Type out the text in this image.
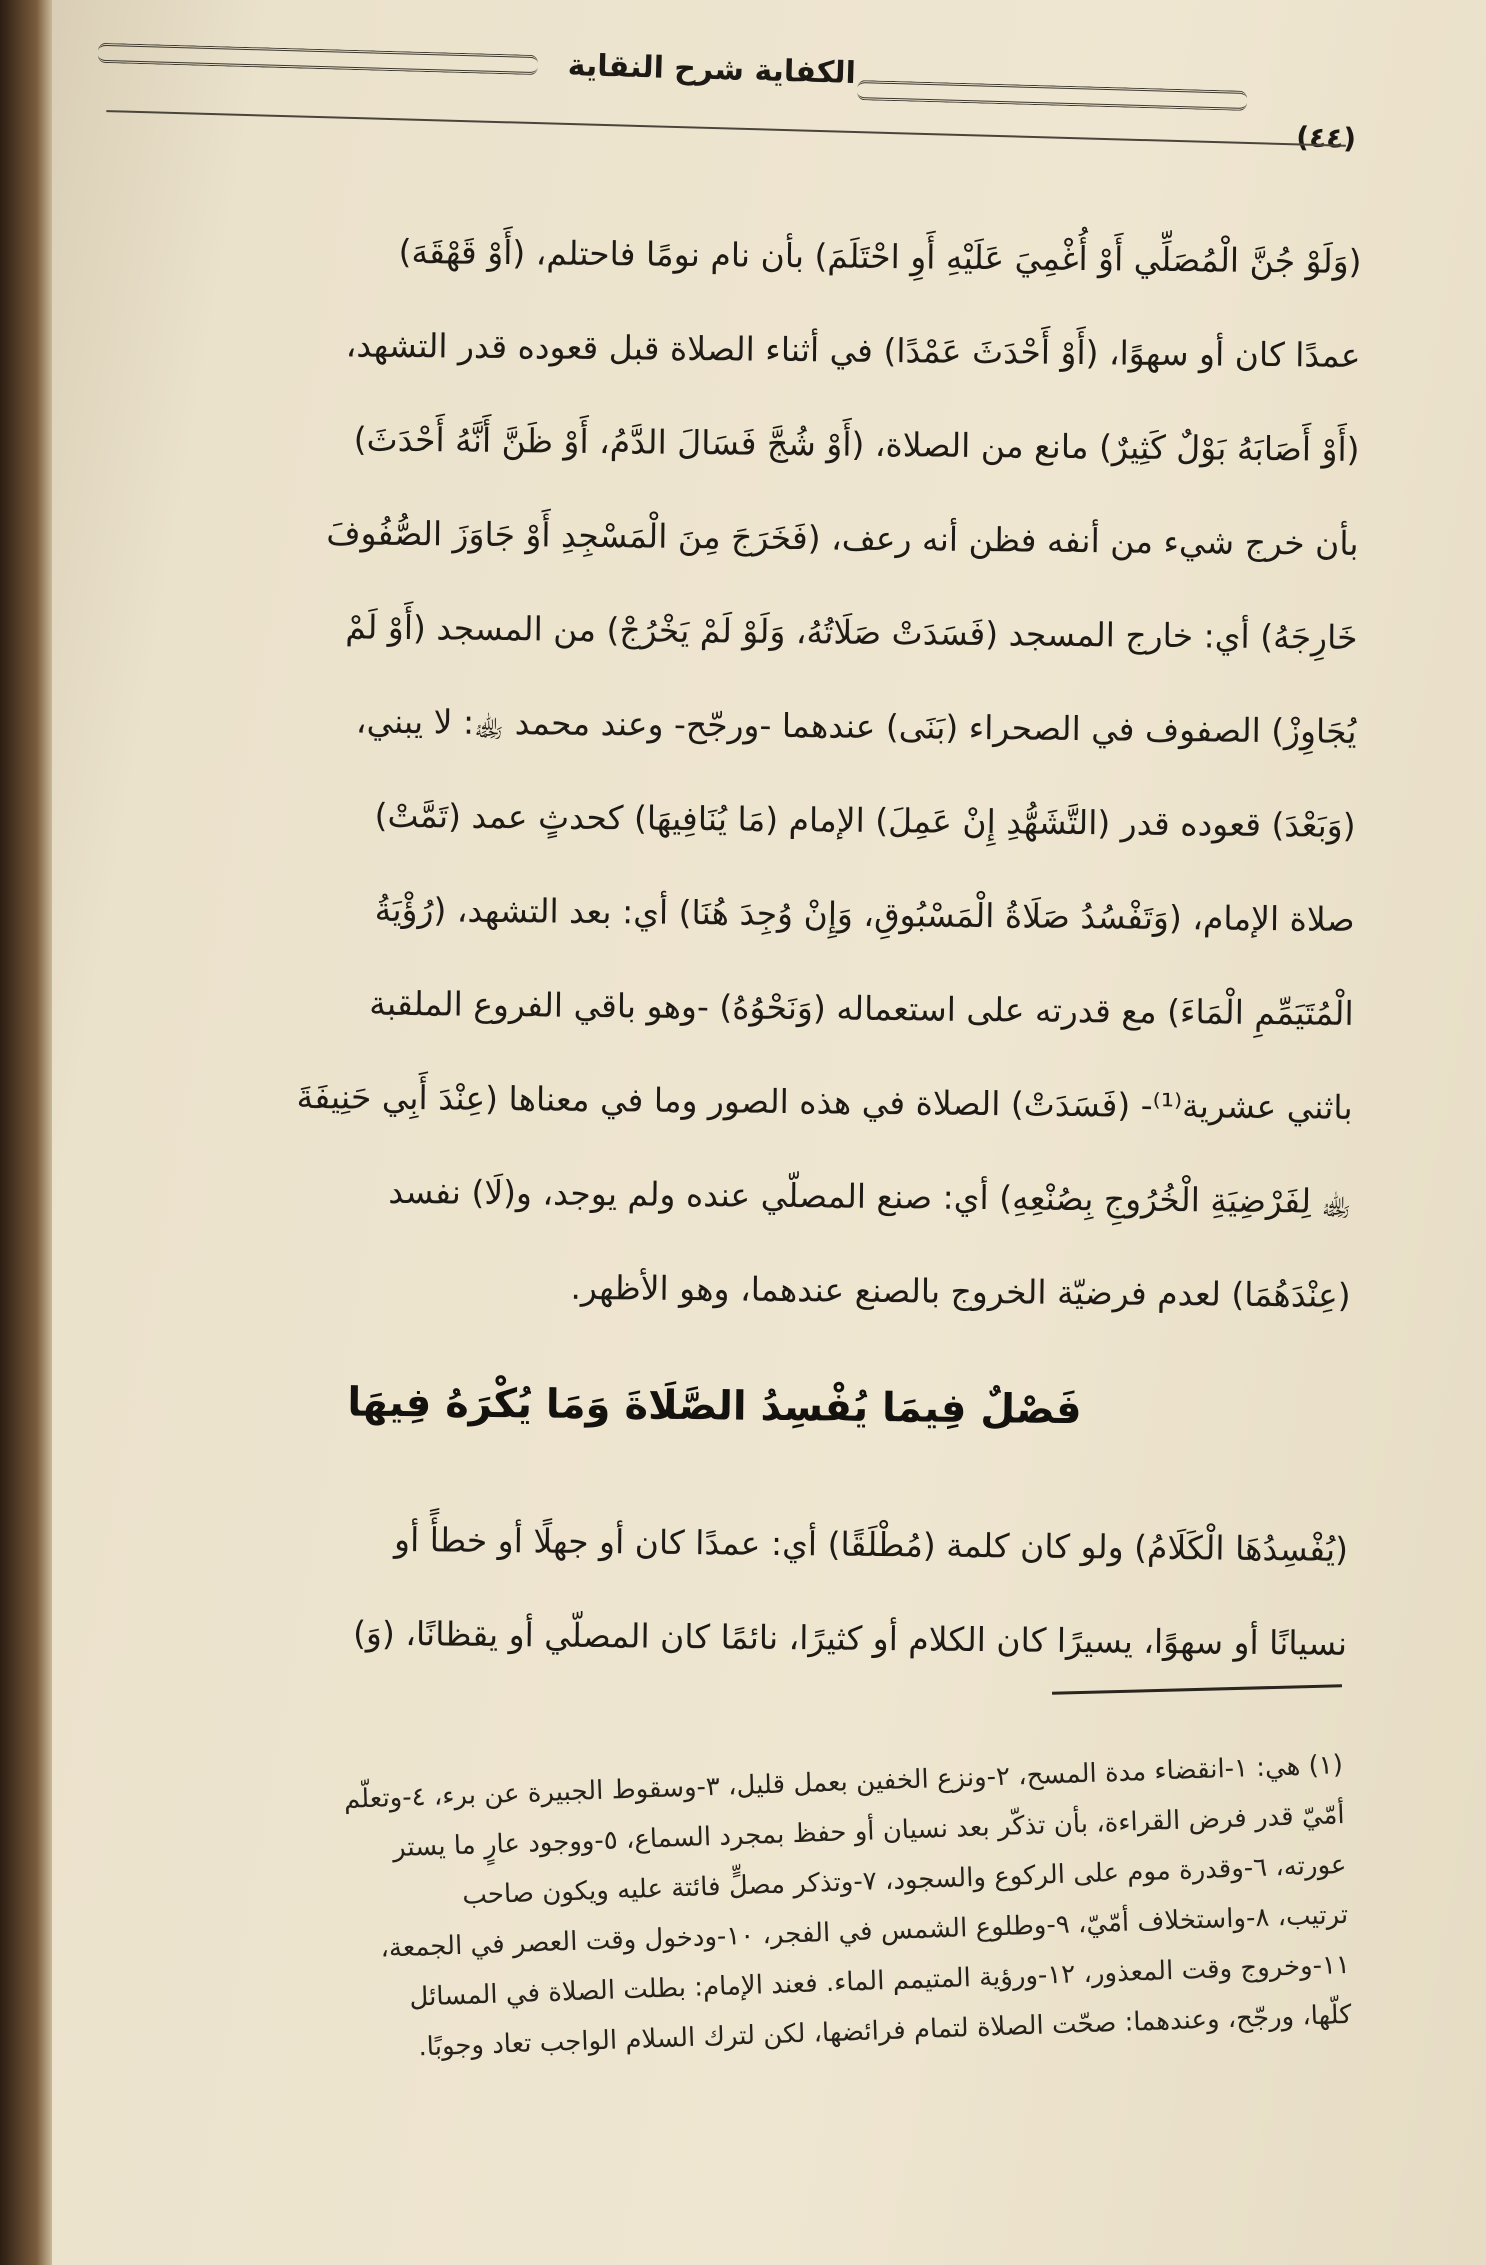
الكفاية شرح النقاية
(٤٤)
(وَلَوْ جُنَّ الْمُصَلِّي أَوْ أُغْمِيَ عَلَيْهِ أَوِ احْتَلَمَ) بأن نام نومًا فاحتلم، (أَوْ قَهْقَهَ)
عمدًا كان أو سهوًا، (أَوْ أَحْدَثَ عَمْدًا) في أثناء الصلاة قبل قعوده قدر التشهد،
(أَوْ أَصَابَهُ بَوْلٌ كَثِيرٌ) مانع من الصلاة، (أَوْ شُجَّ فَسَالَ الدَّمُ، أَوْ ظَنَّ أَنَّهُ أَحْدَثَ)
بأن خرج شيء من أنفه فظن أنه رعف، (فَخَرَجَ مِنَ الْمَسْجِدِ أَوْ جَاوَزَ الصُّفُوفَ
خَارِجَهُ) أي: خارج المسجد (فَسَدَتْ صَلَاتُهُ، وَلَوْ لَمْ يَخْرُجْ) من المسجد (أَوْ لَمْ
يُجَاوِزْ) الصفوف في الصحراء (بَنَى) عندهما -ورجّح- وعند محمد ﵀: لا يبني،
(وَبَعْدَ) قعوده قدر (التَّشَهُّدِ إِنْ عَمِلَ) الإمام (مَا يُنَافِيهَا) كحدثٍ عمد (تَمَّتْ)
صلاة الإمام، (وَتَفْسُدُ صَلَاةُ الْمَسْبُوقِ، وَإِنْ وُجِدَ هُنَا) أي: بعد التشهد، (رُؤْيَةُ
الْمُتَيَمِّمِ الْمَاءَ) مع قدرته على استعماله (وَنَحْوُهُ) -وهو باقي الفروع الملقبة
باثني عشرية⁽¹⁾- (فَسَدَتْ) الصلاة في هذه الصور وما في معناها (عِنْدَ أَبِي حَنِيفَةَ
﵀ لِفَرْضِيَةِ الْخُرُوجِ بِصُنْعِهِ) أي: صنع المصلّي عنده ولم يوجد، و(لَا) نفسد
(عِنْدَهُمَا) لعدم فرضيّة الخروج بالصنع عندهما، وهو الأظهر.
فَصْلٌ فِيمَا يُفْسِدُ الصَّلَاةَ وَمَا يُكْرَهُ فِيهَا
(يُفْسِدُهَا الْكَلَامُ) ولو كان كلمة (مُطْلَقًا) أي: عمدًا كان أو جهلًا أو خطأً أو
نسيانًا أو سهوًا، يسيرًا كان الكلام أو كثيرًا، نائمًا كان المصلّي أو يقظانًا، (وَ)
(١) هي: ١-انقضاء مدة المسح، ٢-ونزع الخفين بعمل قليل، ٣-وسقوط الجبيرة عن برء، ٤-وتعلّم
أمّيّ قدر فرض القراءة، بأن تذكّر بعد نسيان أو حفظ بمجرد السماع، ٥-ووجود عارٍ ما يستر
عورته، ٦-وقدرة موم على الركوع والسجود، ٧-وتذكر مصلٍّ فائتة عليه ويكون صاحب
ترتيب، ٨-واستخلاف أمّيّ، ٩-وطلوع الشمس في الفجر، ١٠-ودخول وقت العصر في الجمعة،
١١-وخروج وقت المعذور، ١٢-ورؤية المتيمم الماء. فعند الإمام: بطلت الصلاة في المسائل
كلّها، ورجّح، وعندهما: صحّت الصلاة لتمام فرائضها، لكن لترك السلام الواجب تعاد وجوبًا.
